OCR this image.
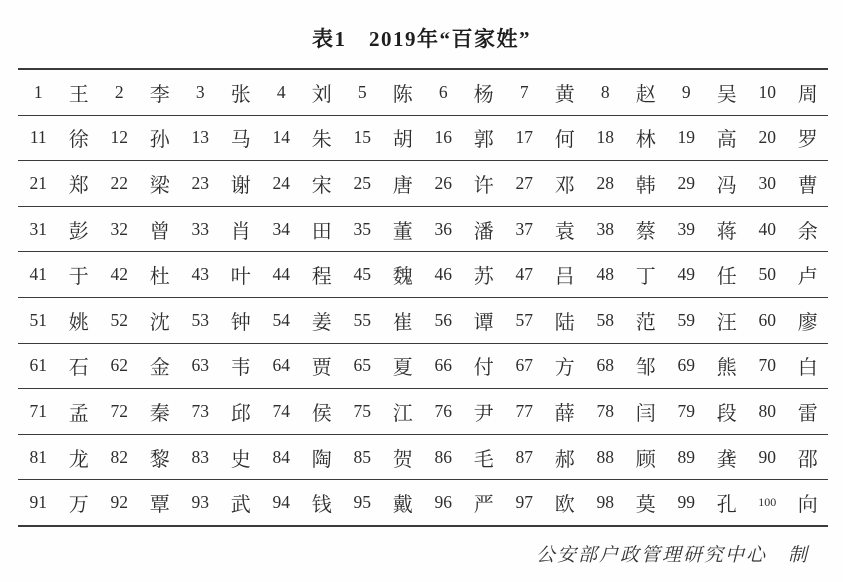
表1　2019年“百家姓”
1	王	2	李	3	张	4	刘	5	陈	6	杨	7	黄	8	赵	9	吴	10	周
11	徐	12	孙	13	马	14	朱	15	胡	16	郭	17	何	18	林	19	高	20	罗
21	郑	22	梁	23	谢	24	宋	25	唐	26	许	27	邓	28	韩	29	冯	30	曹
31	彭	32	曾	33	肖	34	田	35	董	36	潘	37	袁	38	蔡	39	蒋	40	余
41	于	42	杜	43	叶	44	程	45	魏	46	苏	47	吕	48	丁	49	任	50	卢
51	姚	52	沈	53	钟	54	姜	55	崔	56	谭	57	陆	58	范	59	汪	60	廖
61	石	62	金	63	韦	64	贾	65	夏	66	付	67	方	68	邹	69	熊	70	白
71	孟	72	秦	73	邱	74	侯	75	江	76	尹	77	薛	78	闫	79	段	80	雷
81	龙	82	黎	83	史	84	陶	85	贺	86	毛	87	郝	88	顾	89	龚	90	邵
91	万	92	覃	93	武	94	钱	95	戴	96	严	97	欧	98	莫	99	孔	100	向
公安部户政管理研究中心　制
